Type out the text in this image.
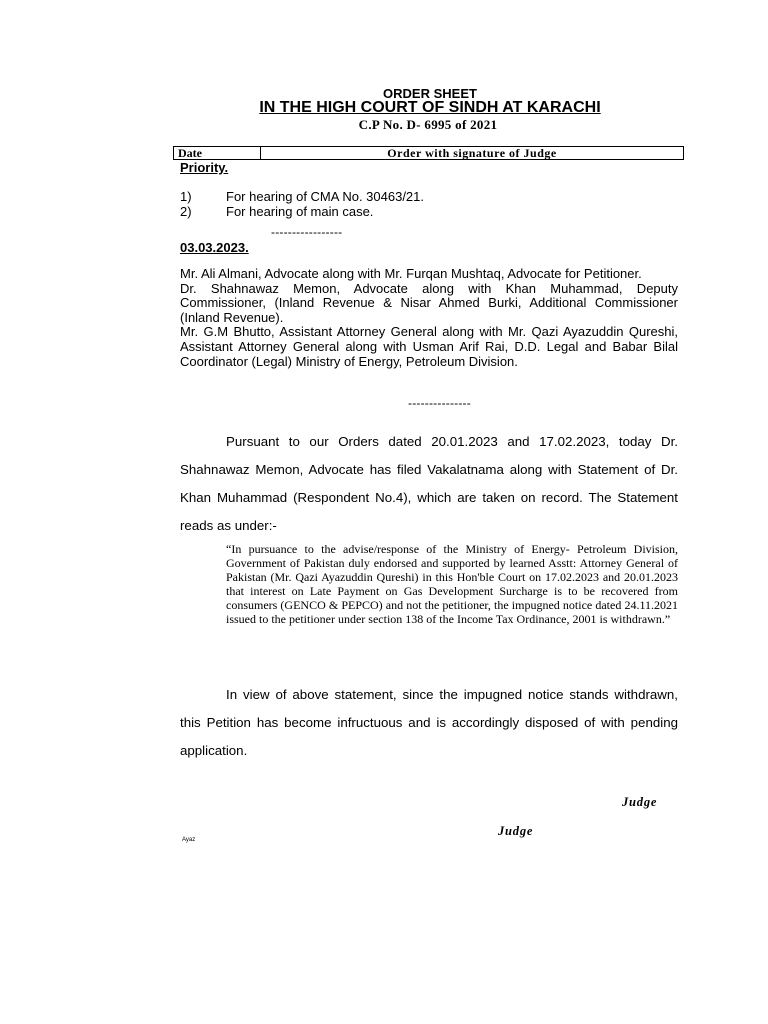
ORDER SHEET
IN THE HIGH COURT OF SINDH AT KARACHI
C.P No. D- 6995 of 2021
Date	Order with signature of Judge
Priority.
1)	For hearing of CMA No. 30463/21.
2)	For hearing of main case.
-----------------
03.03.2023.

Mr. Ali Almani, Advocate along with Mr. Furqan Mushtaq, Advocate for Petitioner.

Dr. Shahnawaz Memon, Advocate along with Khan Muhammad, Deputy Commissioner, (Inland Revenue & Nisar Ahmed Burki, Additional Commissioner (Inland Revenue).

Mr. G.M Bhutto, Assistant Attorney General along with Mr. Qazi Ayazuddin Qureshi, Assistant Attorney General along with Usman Arif Rai, D.D. Legal and Babar Bilal Coordinator (Legal) Ministry of Energy, Petroleum Division.

---------------

Pursuant to our Orders dated 20.01.2023 and 17.02.2023, today Dr. Shahnawaz Memon, Advocate has filed Vakalatnama along with Statement of Dr. Khan Muhammad (Respondent No.4), which are taken on record. The Statement reads as under:-

“In pursuance to the advise/response of the Ministry of Energy- Petroleum Division, Government of Pakistan duly endorsed and supported by learned Asstt: Attorney General of Pakistan (Mr. Qazi Ayazuddin Qureshi) in this Hon'ble Court on 17.02.2023 and 20.01.2023 that interest on Late Payment on Gas Development Surcharge is to be recovered from consumers (GENCO & PEPCO) and not the petitioner, the impugned notice dated 24.11.2021 issued to the petitioner under section 138 of the Income Tax Ordinance, 2001 is withdrawn.”

In view of above statement, since the impugned notice stands withdrawn, this Petition has become infructuous and is accordingly disposed of with pending application.

Judge
Judge
Ayaz
